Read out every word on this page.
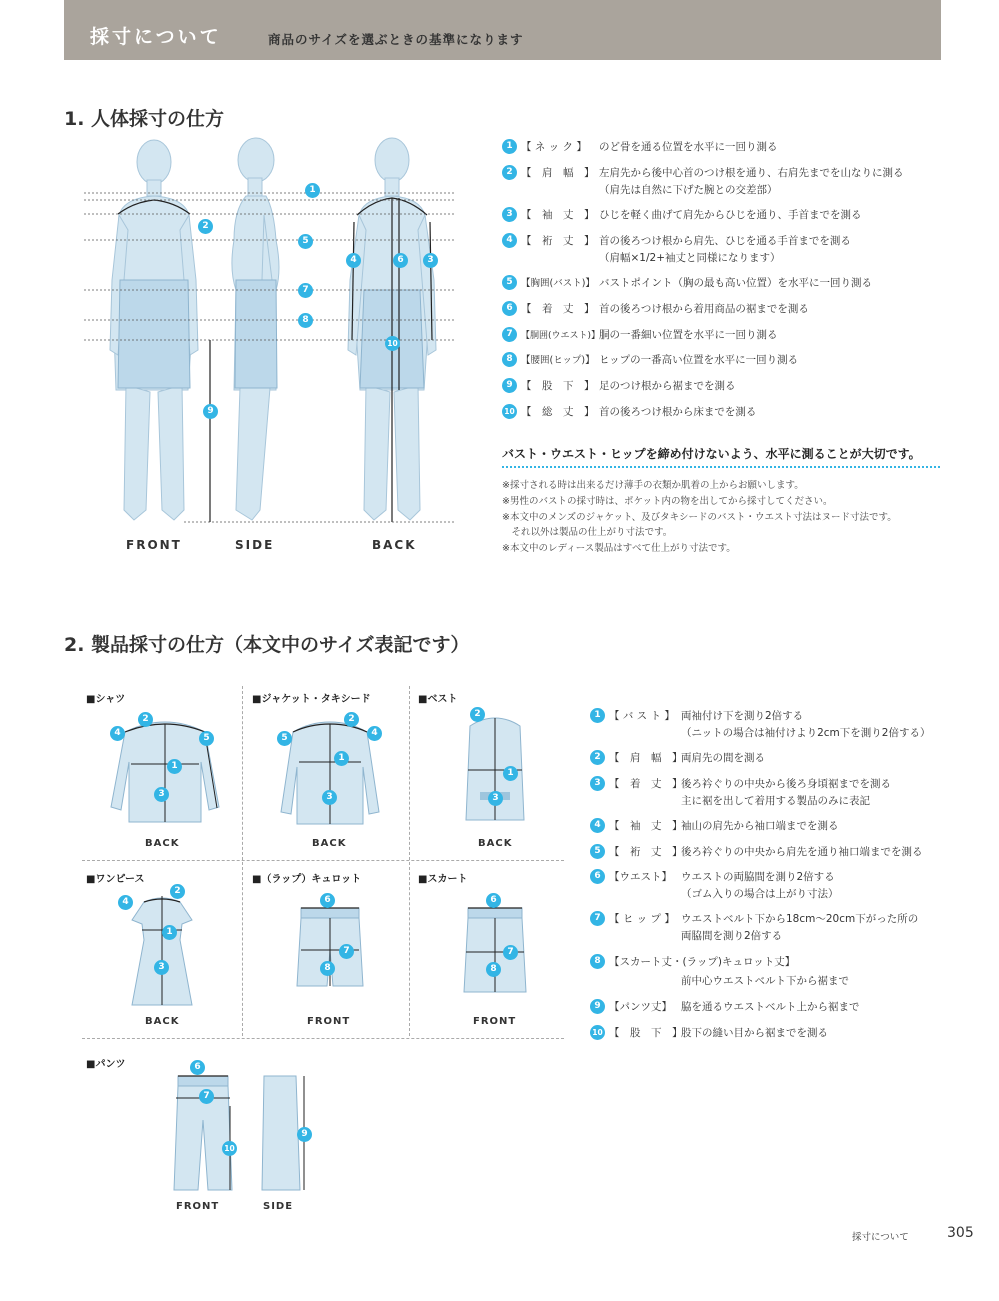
採寸について	商品のサイズを選ぶときの基準になります
1. 人体採寸の仕方
1
2
5
4	6	3
7
8
10
9
FRONT	SIDE	BACK
1 【 ネ ッ ク 】 のど骨を通る位置を水平に一回り測る
2 【　肩　幅　】 左肩先から後中心首のつけ根を通り、右肩先までを山なりに測る
（肩先は自然に下げた腕との交差部）
3 【　袖　丈　】 ひじを軽く曲げて肩先からひじを通り、手首までを測る
4 【　裄　丈　】 首の後ろつけ根から肩先、ひじを通る手首までを測る
（肩幅×1/2+袖丈と同様になります）
5 【胸囲(バスト)】 バストポイント（胸の最も高い位置）を水平に一回り測る
6 【　着　丈　】 首の後ろつけ根から着用商品の裾までを測る
7 【胴囲(ウエスト)】胴の一番細い位置を水平に一回り測る
8 【腰囲(ヒップ)】 ヒップの一番高い位置を水平に一回り測る
9 【　股　下　】 足のつけ根から裾までを測る
10 【　総　丈　】 首の後ろつけ根から床までを測る
バスト・ウエスト・ヒップを締め付けないよう、水平に測ることが大切です。
※採寸される時は出来るだけ薄手の衣類か肌着の上からお願いします。
※男性のバストの採寸時は、ポケット内の物を出してから採寸してください。
※本文中のメンズのジャケット、及びタキシードのバスト・ウエスト寸法はヌード寸法です。
　それ以外は製品の仕上がり寸法です。
※本文中のレディース製品はすべて仕上がり寸法です。
2. 製品採寸の仕方（本文中のサイズ表記です）
■シャツ	■ジャケット・タキシード	■ベスト
■ワンピース	■（ラップ）キュロット	■スカート
■パンツ
2
4	5
1
3
BACK
2
4
5
1
3
BACK
2
1
3
BACK
2
4
1
3
BACK
6
7
8
FRONT
6
7
8
FRONT
6
7
10
9
FRONT	SIDE
1 【 バ ス ト 】 両袖付け下を測り2倍する
（ニットの場合は袖付けより2cm下を測り2倍する）
2 【　肩　幅　】両肩先の間を測る
3 【　着　丈　】後ろ衿ぐりの中央から後ろ身頃裾までを測る
主に裾を出して着用する製品のみに表記
4 【　袖　丈　】袖山の肩先から袖口端までを測る
5 【　裄　丈　】後ろ衿ぐりの中央から肩先を通り袖口端までを測る
6 【ウエスト】 ウエストの両脇間を測り2倍する
（ゴム入りの場合は上がり寸法）
7 【 ヒ ッ プ 】 ウエストベルト下から18cm～20cm下がった所の
両脇間を測り2倍する
8 【スカート丈・(ラップ)キュロット丈】
前中心ウエストベルト下から裾まで
9 【パンツ丈】 脇を通るウエストベルト上から裾まで
10 【　股　下　】股下の縫い目から裾までを測る
採寸について	305
